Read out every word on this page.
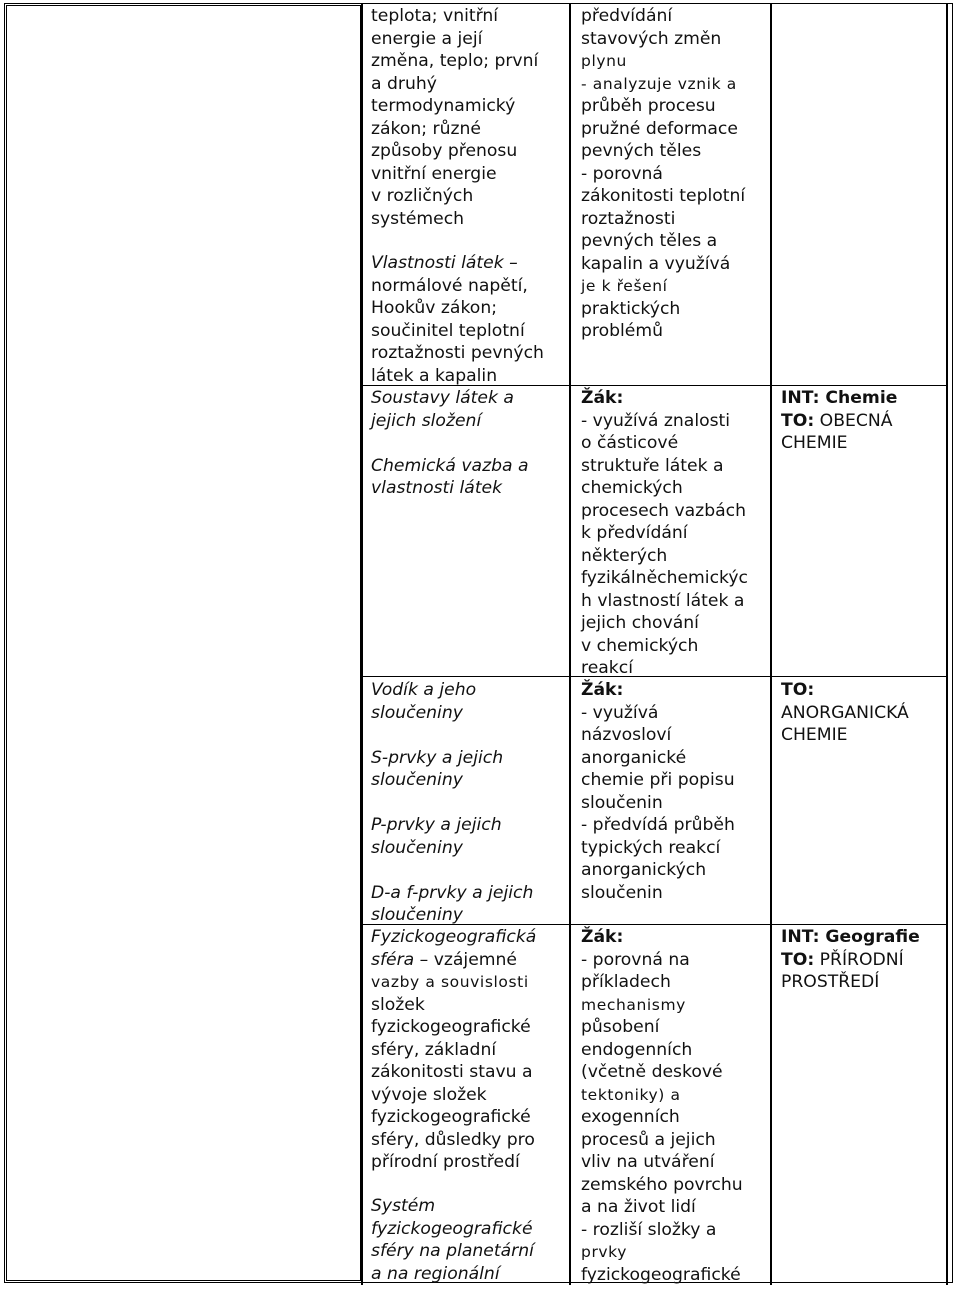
teplota; vnitřní
energie a její
změna, teplo; první
a druhý
termodynamický
zákon; různé
způsoby přenosu
vnitřní energie
v rozličných
systémech
Vlastnosti látek –
normálové napětí,
Hookův zákon;
součinitel teplotní
roztažnosti pevných
látek a kapalin
Soustavy látek a
jejich složení
Chemická vazba a
vlastnosti látek
Vodík a jeho
sloučeniny
S-prvky a jejich
sloučeniny
P-prvky a jejich
sloučeniny
D-a f-prvky a jejich
sloučeniny
Fyzickogeografická
sféra – vzájemné
vazby a souvislosti
složek
fyzickogeografické
sféry, základní
zákonitosti stavu a
vývoje složek
fyzickogeografické
sféry, důsledky pro
přírodní prostředí
Systém
fyzickogeografické
sféry na planetární
a na regionální
předvídání
stavových změn
plynu
- analyzuje vznik a
průběh procesu
pružné deformace
pevných těles
- porovná
zákonitosti teplotní
roztažnosti
pevných těles a
kapalin a využívá
je k řešení
praktických
problémů
Žák:
- využívá znalosti
o částicové
struktuře látek a
chemických
procesech vazbách
k předvídání
některých
fyzikálněchemickýc
h vlastností látek a
jejich chování
v chemických
reakcí
Žák:
- využívá
názvosloví
anorganické
chemie při popisu
sloučenin
- předvídá průběh
typických reakcí
anorganických
sloučenin
Žák:
- porovná na
příkladech
mechanismy
působení
endogenních
(včetně deskové
tektoniky) a
exogenních
procesů a jejich
vliv na utváření
zemského povrchu
a na život lidí
- rozliší složky a
prvky
fyzickogeografické
INT: Chemie
TO: OBECNÁ
CHEMIE
TO:
ANORGANICKÁ
CHEMIE
INT: Geografie
TO: PŘÍRODNÍ
PROSTŘEDÍ
